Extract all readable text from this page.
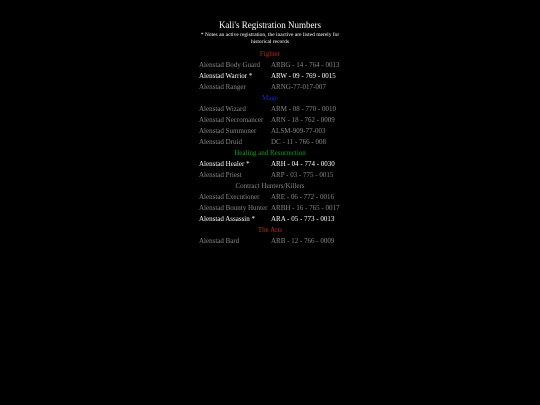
Kali's Registration Numbers
* Notes an active registration, the inactive are listed merely for historical records
Fighter
Alenstad Body Guard ARBG - 14 - 764 - 0013
Alenstad Warrior *	ARW - 09 - 769 - 0015
Alenstad Ranger	ARNG-77-017-007
Mage
Alenstad Wizard	ARM - 08 - 770 - 0010
Alenstad Necromancer ARN - 18 - 762 - 0009
Alenstad Summoner ALSM-909-77-003
Alenstad Druid	DC - 11 - 766 - 008
Healing and Resurrection
Alenstad Healer *	ARH - 04 - 774 - 0030
Alenstad Priest	ARP - 03 - 775 - 0015
Contract Hunters/Killers
Alenstad Executioner ARE - 06 - 772 - 0016
Alenstad Bounty Hunter ARBH - 16 - 765 - 0017
Alenstad Assassin * ARA - 05 - 773 - 0013
The Arts
Alenstad Bard	ARB - 12 - 766 - 0009
